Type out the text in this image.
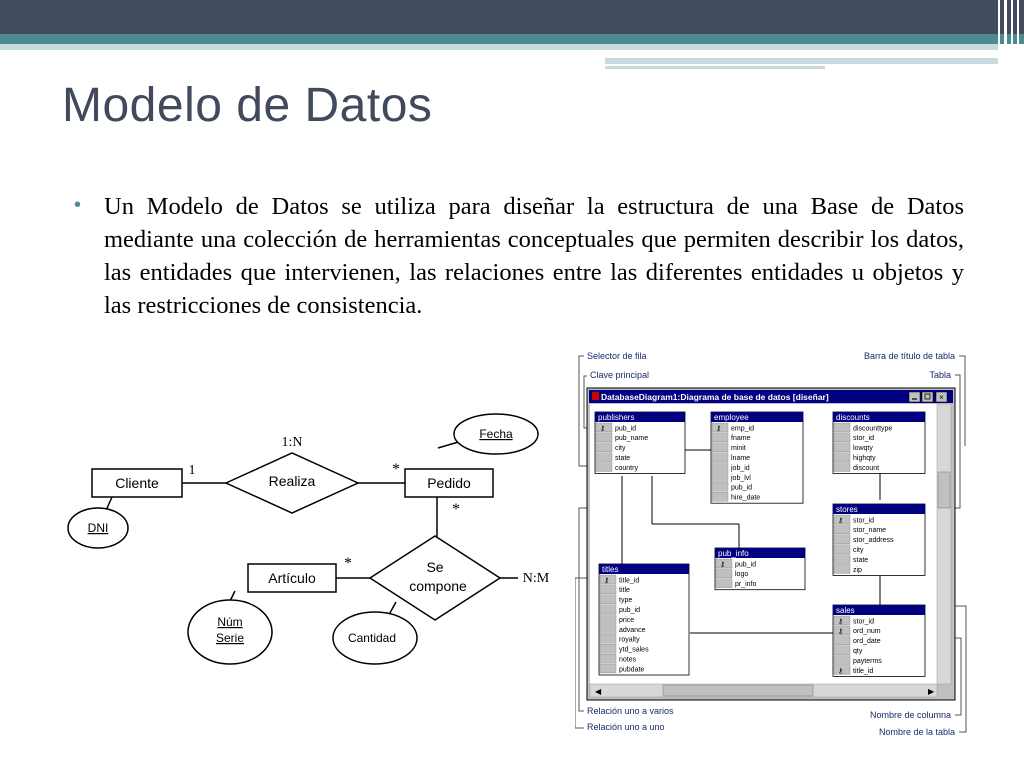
Modelo de Datos
• Un Modelo de Datos se utiliza para diseñar la estructura de una Base de Datos mediante una colección de herramientas conceptuales que permiten describir los datos, las entidades que intervienen, las relaciones entre las diferentes entidades u objetos y las restricciones de consistencia.
Cliente	Pedido
Artículo
Realiza
Se
compone
DNI
Fecha
Núm
Serie	Cantidad
1:N
1	*
*
*
N:M
Selector de fila
Clave principal
Barra de título de tabla
Tabla
Relación uno a varios
Relación uno a uno
Nombre de columna
Nombre de la tabla
DatabaseDiagram1:Diagrama de base de datos [diseñar]	×
◀	▶
publishers
⚷ pub_id
pub_name
city
state
country
employee
⚷ emp_id
fname
minit
lname
job_id
job_lvl
pub_id
hire_date
discounts
discounttype
stor_id
lowqty
highqty
discount
stores
⚷ stor_id
stor_name
stor_address
city
state
zip
pub_info
⚷ pub_id
logo
pr_info
titles
⚷ title_id
title
type
pub_id
price
advance
royalty
ytd_sales
notes
pubdate
sales
⚷ stor_id
⚷ ord_num
ord_date
qty
payterms
⚷ title_id
